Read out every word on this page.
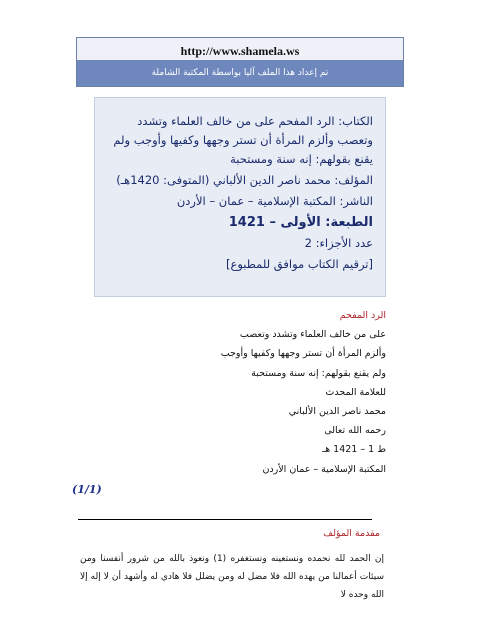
http://www.shamela.ws
تم إعداد هذا الملف آليا بواسطة المكتبة الشاملة
الكتاب: الرد المفحم على من خالف العلماء وتشدد وتعصب وألزم المرأة أن تستر وجهها وكفيها وأوجب ولم يقنع بقولهم: إنه سنة ومستحبة
المؤلف: محمد ناصر الدين الألباني (المتوفى: 1420هـ)
الناشر: المكتبة الإسلامية – عمان – الأردن
الطبعة: الأولى – 1421
عدد الأجزاء: 2
[ترقيم الكتاب موافق للمطبوع]
الرد المفحم
على من خالف العلماء وتشدد وتعصب
وألزم المرأة أن تستر وجهها وكفيها وأوجب
ولم يقنع بقولهم: إنه سنة ومستحبة
للعلامة المحدث
محمد ناصر الدين الألباني
رحمه الله تعالى
ط 1 – 1421 هـ
المكتبة الإسلامية – عمان الأردن
(1/1)
مقدمة المؤلف
إن الحمد لله نحمده ونستعينه ونستغفره (1) ونعوذ بالله من شرور أنفسنا ومن سيئات أعمالنا من يهده الله فلا مضل له ومن يضلل فلا هادي له وأشهد أن لا إله إلا الله وحده لا
